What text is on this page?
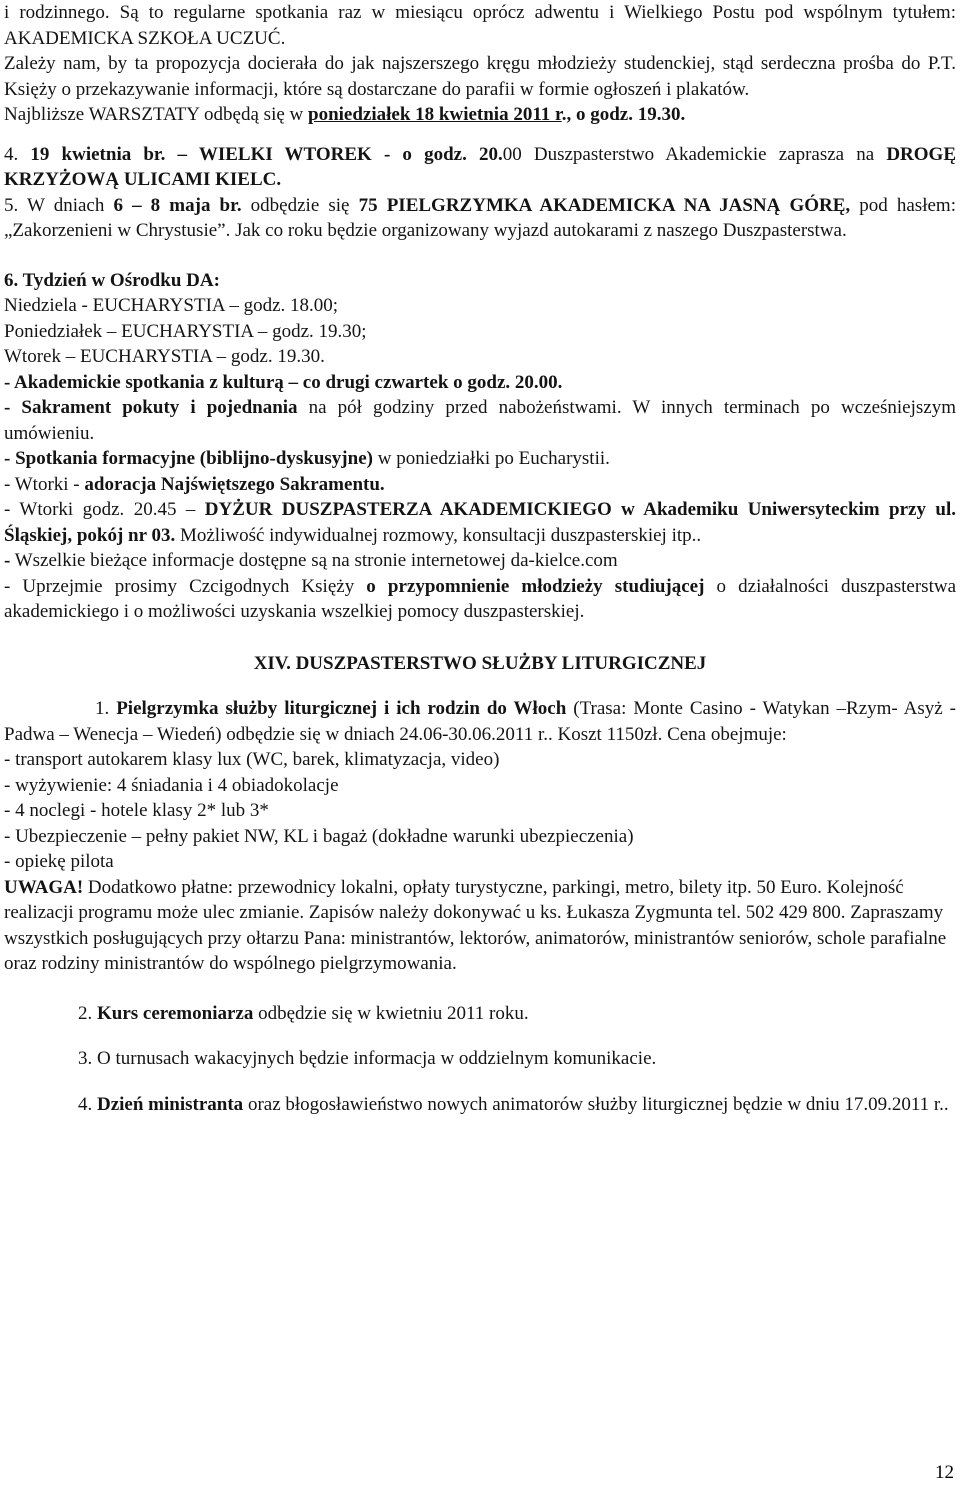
i rodzinnego. Są to regularne spotkania raz w miesiącu oprócz adwentu i Wielkiego Postu pod wspólnym tytułem: AKADEMICKA SZKOŁA UCZUĆ.

Zależy nam, by ta propozycja docierała do jak najszerszego kręgu młodzieży studenckiej, stąd serdeczna prośba do P.T. Księży o przekazywanie informacji, które są dostarczane do parafii w formie ogłoszeń i plakatów.

Najbliższe WARSZTATY odbędą się w poniedziałek 18 kwietnia 2011 r., o godz. 19.30.

4. 19 kwietnia br. – WIELKI WTOREK - o godz. 20.00 Duszpasterstwo Akademickie zaprasza na DROGĘ KRZYŻOWĄ ULICAMI KIELC.

5. W dniach 6 – 8 maja br. odbędzie się 75 PIELGRZYMKA AKADEMICKA NA JASNĄ GÓRĘ, pod hasłem: „Zakorzenieni w Chrystusie”. Jak co roku będzie organizowany wyjazd autokarami z naszego Duszpasterstwa.

6. Tydzień w Ośrodku DA:

Niedziela - EUCHARYSTIA – godz. 18.00;

Poniedziałek – EUCHARYSTIA – godz. 19.30;

Wtorek – EUCHARYSTIA – godz. 19.30.

- Akademickie spotkania z kulturą – co drugi czwartek o godz. 20.00.

- Sakrament pokuty i pojednania na pół godziny przed nabożeństwami. W innych terminach po wcześniejszym umówieniu.

- Spotkania formacyjne (biblijno-dyskusyjne) w poniedziałki po Eucharystii.

- Wtorki - adoracja Najświętszego Sakramentu.

- Wtorki godz. 20.45 – DYŻUR DUSZPASTERZA AKADEMICKIEGO w Akademiku Uniwersyteckim przy ul. Śląskiej, pokój nr 03. Możliwość indywidualnej rozmowy, konsultacji duszpasterskiej itp..

- Wszelkie bieżące informacje dostępne są na stronie internetowej da-kielce.com

- Uprzejmie prosimy Czcigodnych Księży o przypomnienie młodzieży studiującej o działalności duszpasterstwa akademickiego i o możliwości uzyskania wszelkiej pomocy duszpasterskiej.

XIV. DUSZPASTERSTWO SŁUŻBY LITURGICZNEJ

1. Pielgrzymka służby liturgicznej i ich rodzin do Włoch (Trasa: Monte Casino - Watykan –Rzym- Asyż - Padwa – Wenecja – Wiedeń) odbędzie się w dniach 24.06-30.06.2011 r.. Koszt 1150zł. Cena obejmuje:

- transport autokarem klasy lux (WC, barek, klimatyzacja, video)

- wyżywienie: 4 śniadania i 4 obiadokolacje

- 4 noclegi - hotele klasy 2* lub 3*

- Ubezpieczenie – pełny pakiet NW, KL i bagaż (dokładne warunki ubezpieczenia)

- opiekę pilota

UWAGA! Dodatkowo płatne: przewodnicy lokalni, opłaty turystyczne, parkingi, metro, bilety itp. 50 Euro. Kolejność realizacji programu może ulec zmianie. Zapisów należy dokonywać u ks. Łukasza Zygmunta tel. 502 429 800. Zapraszamy wszystkich posługujących przy ołtarzu Pana: ministrantów, lektorów, animatorów, ministrantów seniorów, schole parafialne oraz rodziny ministrantów do wspólnego pielgrzymowania.

2. Kurs ceremoniarza odbędzie się w kwietniu 2011 roku.

3. O turnusach wakacyjnych będzie informacja w oddzielnym komunikacie.

4. Dzień ministranta oraz błogosławieństwo nowych animatorów służby liturgicznej będzie w dniu 17.09.2011 r..

12
